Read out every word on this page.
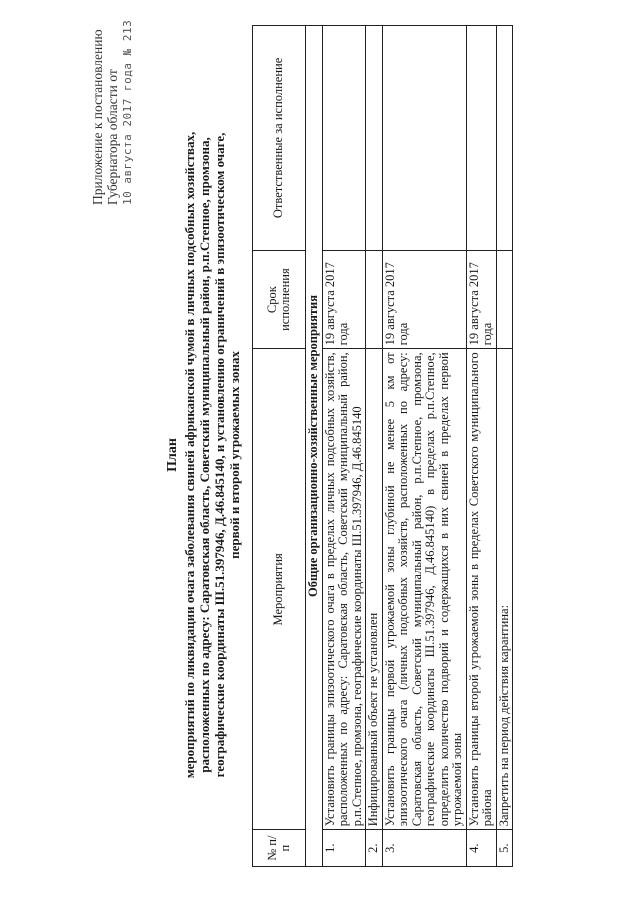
Приложение к постановлению Губернатора области от 10 августа 2017 года № 213
План мероприятий по ликвидации очага заболевания свиней африканской чумой в личных подсобных хозяйствах, расположенных по адресу: Саратовская область, Советский муниципальный район, р.п.Степное, промзона, географические координаты Ш.51.397946, Д.46.845140, и установлению ограничений в эпизоотическом очаге, первой и второй угрожаемых зонах
№ п/п	Мероприятия	Срок исполнения	Ответственные за исполнение
Общие организационно-хозяйственные мероприятия			
1.	Установить границы эпизоотического очага в пределах личных подсобных хозяйств, расположенных по адресу: Саратовская область, Советский муниципальный район, р.п.Степное, промзона, географические координаты Ш.51.397946, Д.46.845140	19 августа 2017 года	
2.	Инфицированный объект не установлен		
3.	Установить границы первой угрожаемой зоны глубиной не менее 5 км от эпизоотического очага (личных подсобных хозяйств, расположенных по адресу: Саратовская область, Советский муниципальный район, р.п.Степное, промзона, географические координаты Ш.51.397946, Д.46.845140) в пределах р.п.Степное, определить количество подворий и содержащихся в них свиней в пределах первой угрожаемой зоны	19 августа 2017 года	
4.	Установить границы второй угрожаемой зоны в пределах Советского муниципального района	19 августа 2017 года	
5.	Запретить на период действия карантина:		
